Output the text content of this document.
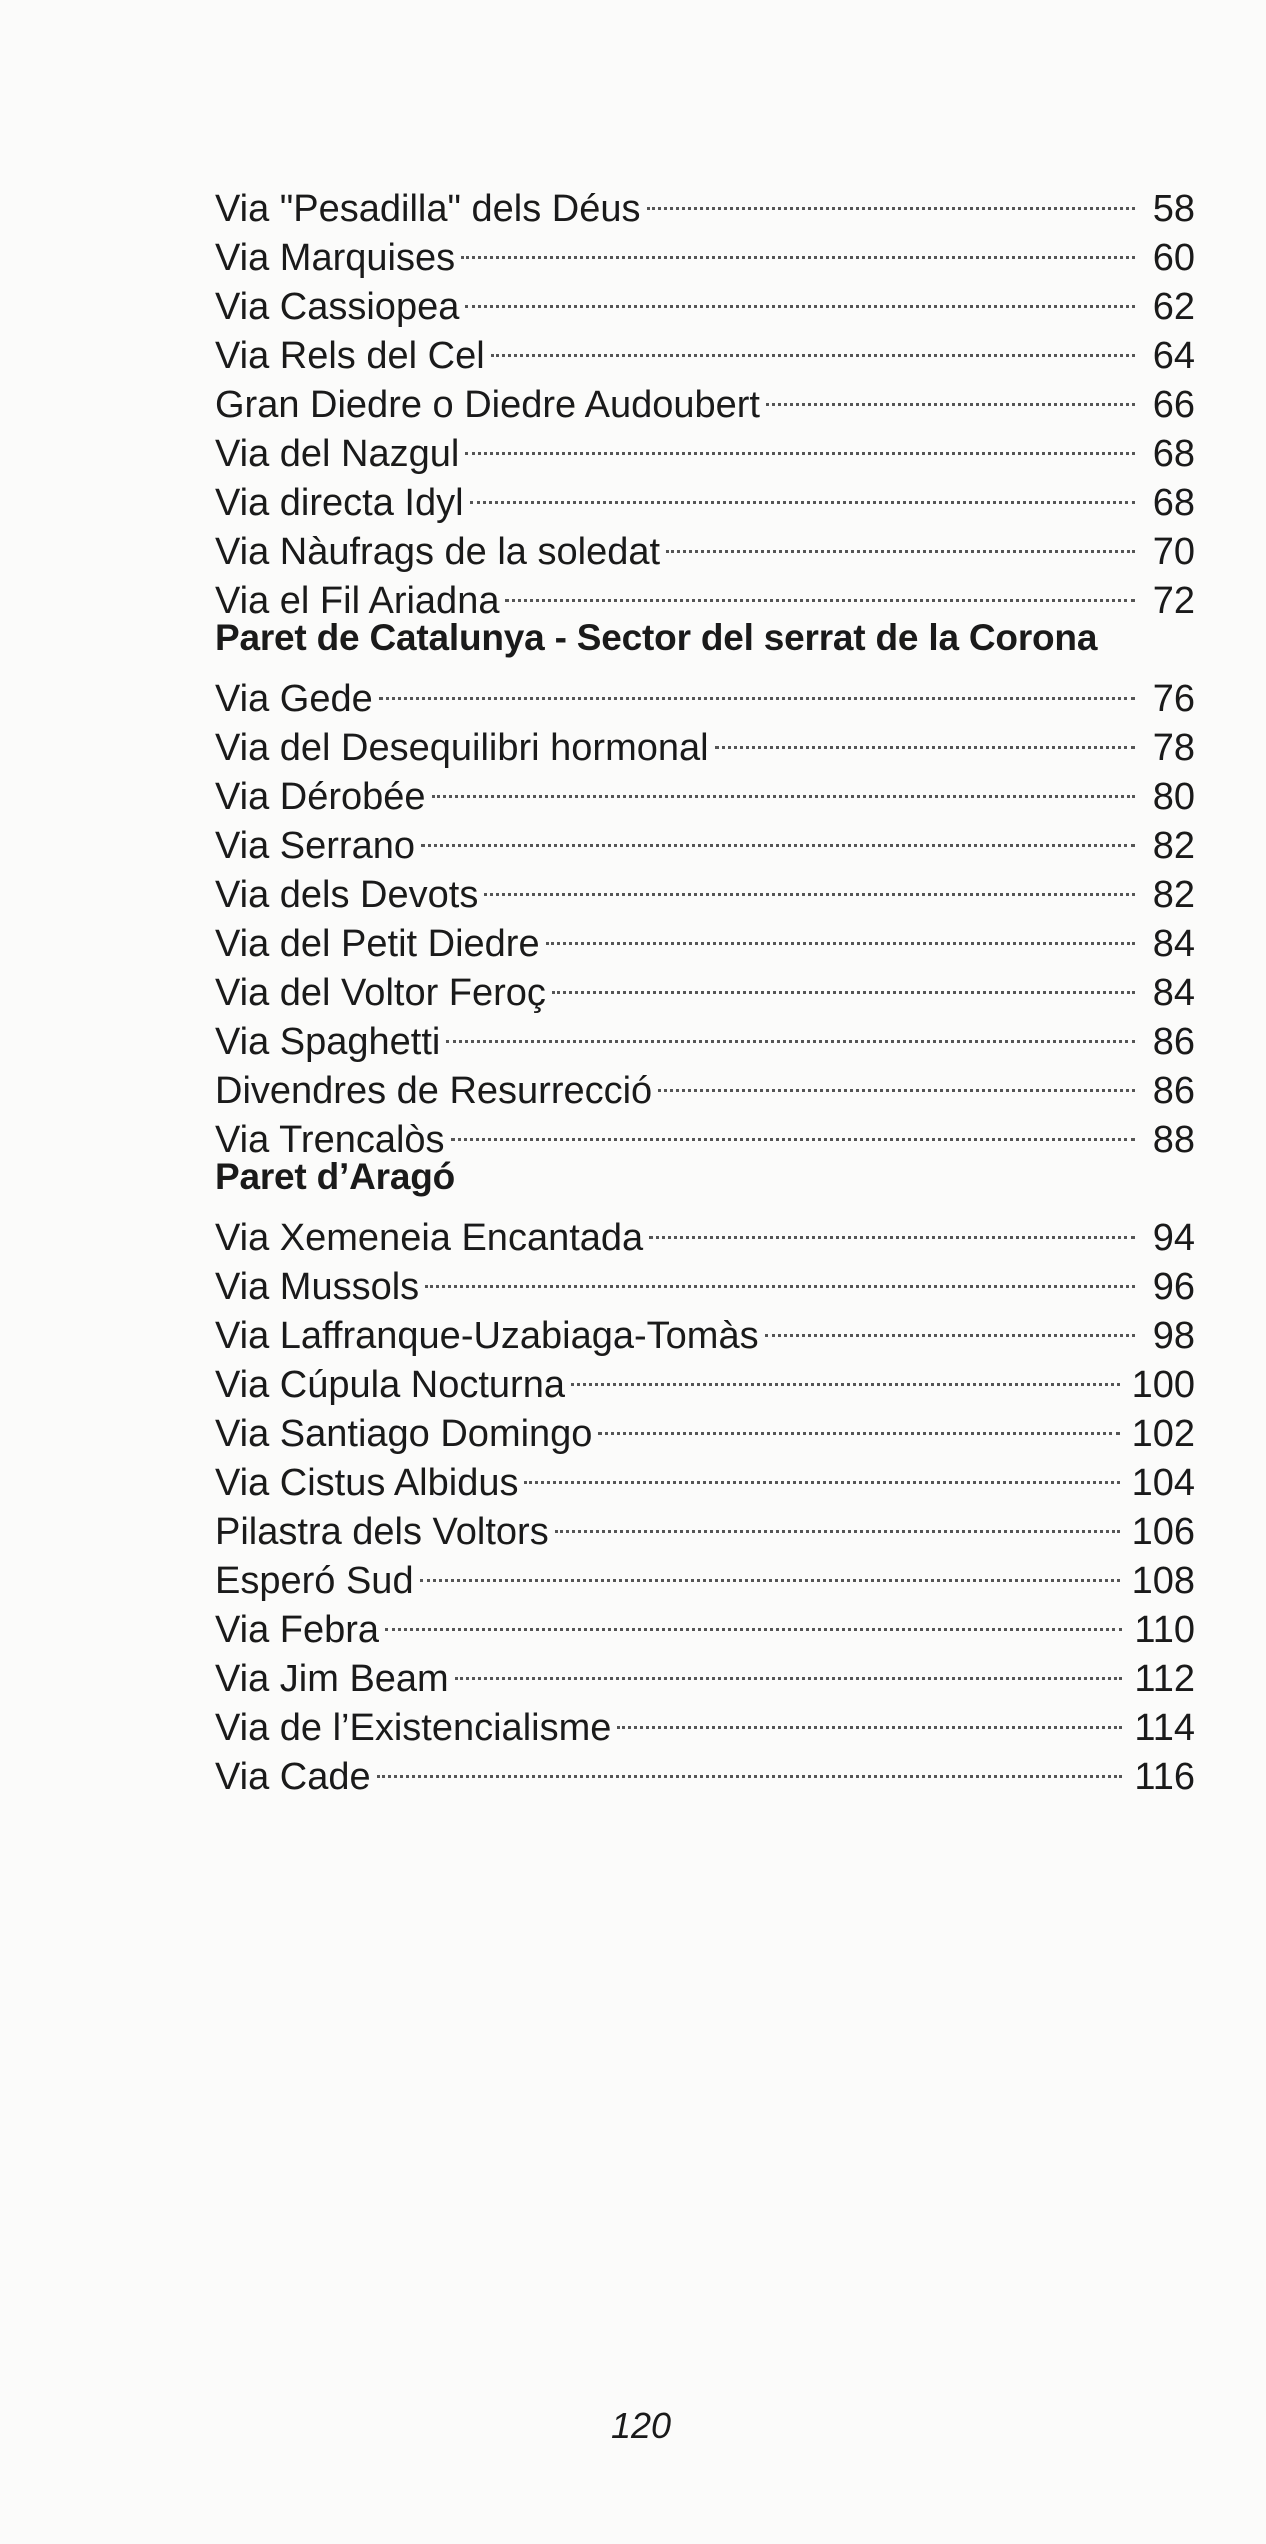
Via "Pesadilla" dels Déus	58
Via Marquises	60
Via Cassiopea	62
Via Rels del Cel	64
Gran Diedre o Diedre Audoubert	66
Via del Nazgul	68
Via directa Idyl	68
Via Nàufrags de la soledat	70
Via el Fil Ariadna	72
Paret de Catalunya - Sector del serrat de la Corona
Via Gede	76
Via del Desequilibri hormonal	78
Via Dérobée	80
Via Serrano	82
Via dels Devots	82
Via del Petit Diedre	84
Via del Voltor Feroç	84
Via Spaghetti	86
Divendres de Resurrecció	86
Via Trencalòs	88
Paret d’Aragó
Via Xemeneia Encantada	94
Via Mussols	96
Via Laffranque-Uzabiaga-Tomàs	98
Via Cúpula Nocturna	100
Via Santiago Domingo	102
Via Cistus Albidus	104
Pilastra dels Voltors	106
Esperó Sud	108
Via Febra	110
Via Jim Beam	112
Via de l’Existencialisme	114
Via Cade	116
120
